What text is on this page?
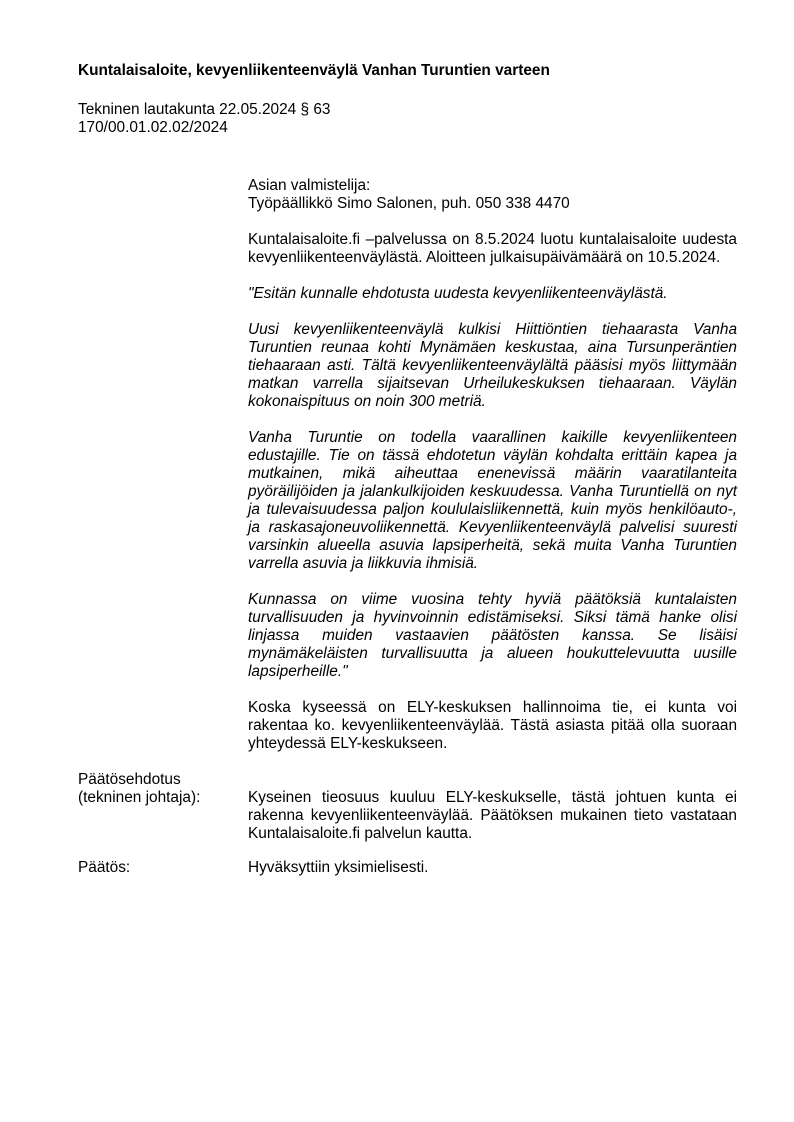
Kuntalaisaloite, kevyenliikenteenväylä Vanhan Turuntien varteen
Tekninen lautakunta 22.05.2024 § 63
170/00.01.02.02/2024

Asian valmistelija:
Työpäällikkö Simo Salonen, puh. 050 338 4470

Kuntalaisaloite.fi –palvelussa on 8.5.2024 luotu kuntalaisaloite uudesta kevyenliikenteenväylästä. Aloitteen julkaisupäivämäärä on 10.5.2024.

"Esitän kunnalle ehdotusta uudesta kevyenliikenteenväylästä.

Uusi kevyenliikenteenväylä kulkisi Hiittiöntien tiehaarasta Vanha Turuntien reunaa kohti Mynämäen keskustaa, aina Tursunperäntien tiehaaraan asti. Tältä kevyenliikenteenväylältä pääsisi myös liittymään matkan varrella sijaitsevan Urheilukeskuksen tiehaaraan. Väylän kokonaispituus on noin 300 metriä.

Vanha Turuntie on todella vaarallinen kaikille kevyenliikenteen edustajille. Tie on tässä ehdotetun väylän kohdalta erittäin kapea ja mutkainen, mikä aiheuttaa enenevissä määrin vaaratilanteita pyöräilijöiden ja jalankulkijoiden keskuudessa. Vanha Turuntiellä on nyt ja tulevaisuudessa paljon koululaisliikennettä, kuin myös henkilöauto-, ja raskasajoneuvoliikennettä. Kevyenliikenteenväylä palvelisi suuresti varsinkin alueella asuvia lapsiperheitä, sekä muita Vanha Turuntien varrella asuvia ja liikkuvia ihmisiä.

Kunnassa on viime vuosina tehty hyviä päätöksiä kuntalaisten turvallisuuden ja hyvinvoinnin edistämiseksi. Siksi tämä hanke olisi linjassa muiden vastaavien päätösten kanssa. Se lisäisi mynämäkeläisten turvallisuutta ja alueen houkuttelevuutta uusille lapsiperheille."

Koska kyseessä on ELY-keskuksen hallinnoima tie, ei kunta voi rakentaa ko. kevyenliikenteenväylää. Tästä asiasta pitää olla suoraan yhteydessä ELY-keskukseen.

Päätösehdotus
(tekninen johtaja):	Kyseinen tieosuus kuuluu ELY-keskukselle, tästä johtuen kunta ei rakenna kevyenliikenteenväylää. Päätöksen mukainen tieto vastataan Kuntalaisaloite.fi palvelun kautta.
Päätös:	Hyväksyttiin yksimielisesti.
